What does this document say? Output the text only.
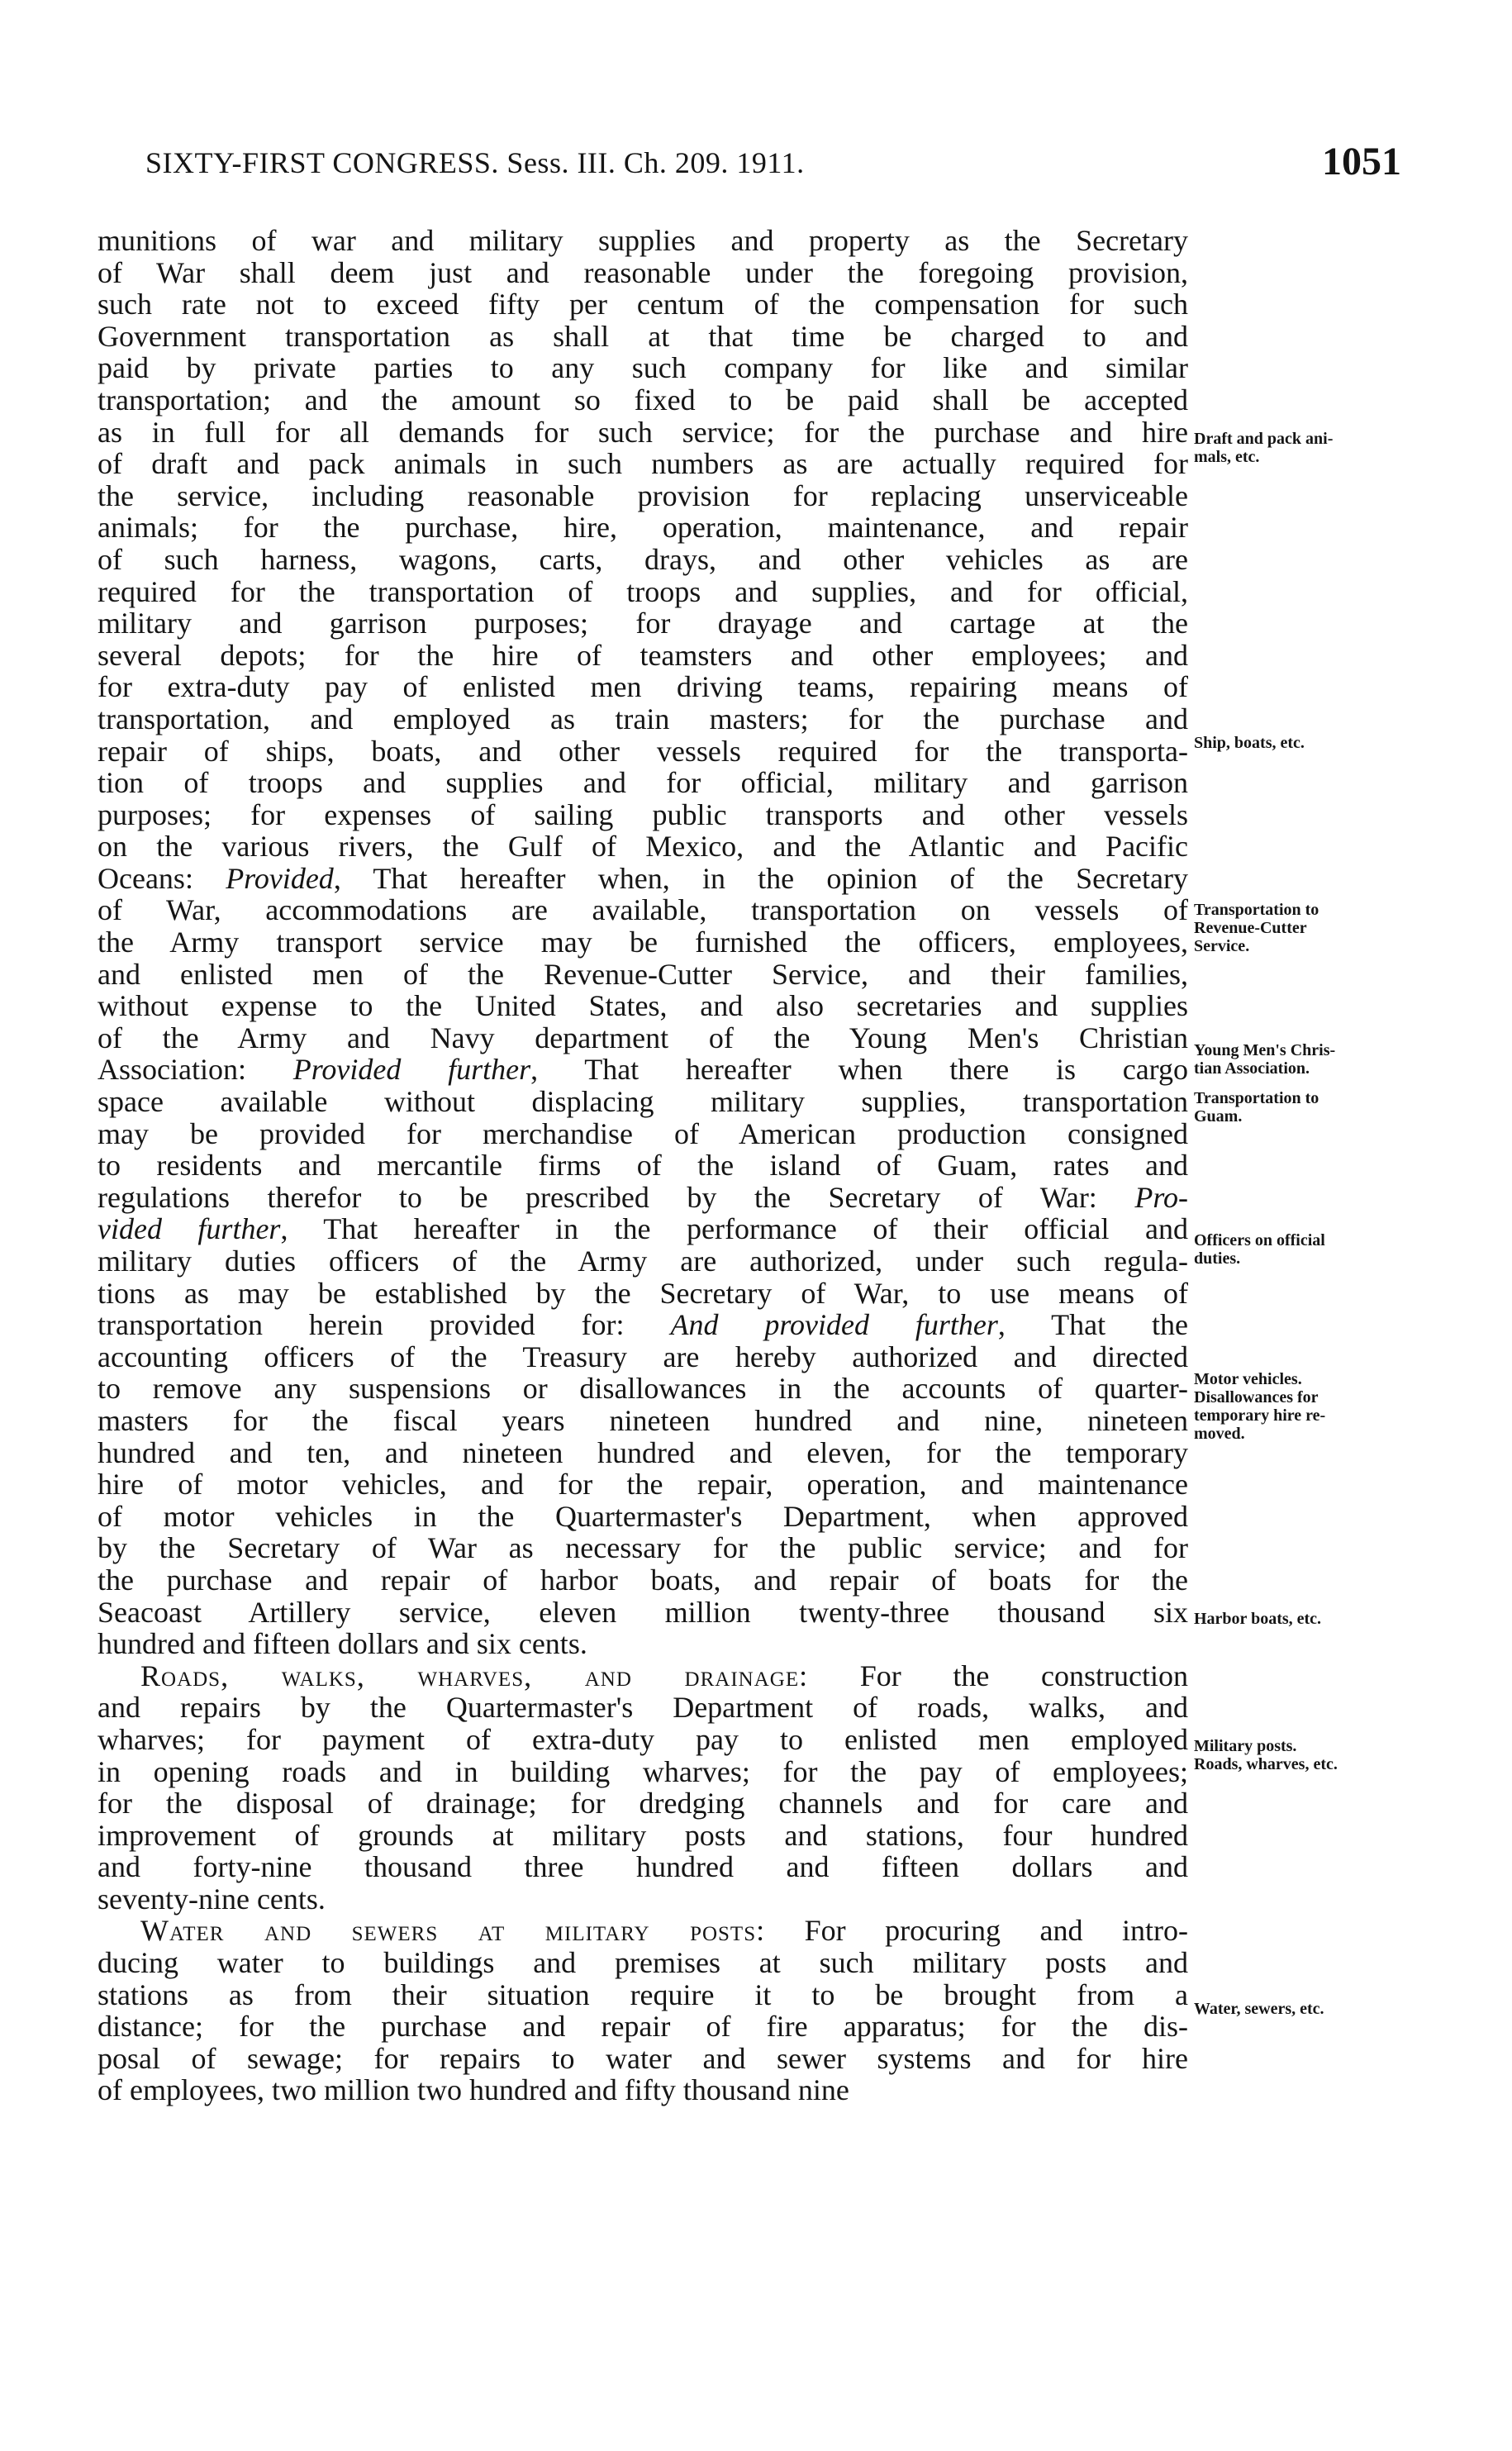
SIXTY-FIRST CONGRESS. Sess. III. Ch. 209. 1911.	1051
munitions of war and military supplies and property as the Secretary
of War shall deem just and reasonable under the foregoing provision,
such rate not to exceed fifty per centum of the compensation for such
Government transportation as shall at that time be charged to and
paid by private parties to any such company for like and similar
transportation; and the amount so fixed to be paid shall be accepted
as in full for all demands for such service; for the purchase and hire
of draft and pack animals in such numbers as are actually required for
the service, including reasonable provision for replacing unserviceable
animals; for the purchase, hire, operation, maintenance, and repair
of such harness, wagons, carts, drays, and other vehicles as are
required for the transportation of troops and supplies, and for official,
military and garrison purposes; for drayage and cartage at the
several depots; for the hire of teamsters and other employees; and
for extra-duty pay of enlisted men driving teams, repairing means of
transportation, and employed as train masters; for the purchase and
repair of ships, boats, and other vessels required for the transporta-
tion of troops and supplies and for official, military and garrison
purposes; for expenses of sailing public transports and other vessels
on the various rivers, the Gulf of Mexico, and the Atlantic and Pacific
Oceans: Provided, That hereafter when, in the opinion of the Secretary
of War, accommodations are available, transportation on vessels of
the Army transport service may be furnished the officers, employees,
and enlisted men of the Revenue-Cutter Service, and their families,
without expense to the United States, and also secretaries and supplies
of the Army and Navy department of the Young Men's Christian
Association: Provided further, That hereafter when there is cargo
space available without displacing military supplies, transportation
may be provided for merchandise of American production consigned
to residents and mercantile firms of the island of Guam, rates and
regulations therefor to be prescribed by the Secretary of War: Pro-
vided further, That hereafter in the performance of their official and
military duties officers of the Army are authorized, under such regula-
tions as may be established by the Secretary of War, to use means of
transportation herein provided for: And provided further, That the
accounting officers of the Treasury are hereby authorized and directed
to remove any suspensions or disallowances in the accounts of quarter-
masters for the fiscal years nineteen hundred and nine, nineteen
hundred and ten, and nineteen hundred and eleven, for the temporary
hire of motor vehicles, and for the repair, operation, and maintenance
of motor vehicles in the Quartermaster's Department, when approved
by the Secretary of War as necessary for the public service; and for
the purchase and repair of harbor boats, and repair of boats for the
Seacoast Artillery service, eleven million twenty-three thousand six
hundred and fifteen dollars and six cents.
Roads, walks, wharves, and drainage: For the construction
and repairs by the Quartermaster's Department of roads, walks, and
wharves; for payment of extra-duty pay to enlisted men employed
in opening roads and in building wharves; for the pay of employees;
for the disposal of drainage; for dredging channels and for care and
improvement of grounds at military posts and stations, four hundred
and forty-nine thousand three hundred and fifteen dollars and
seventy-nine cents.
Water and sewers at military posts: For procuring and intro-
ducing water to buildings and premises at such military posts and
stations as from their situation require it to be brought from a
distance; for the purchase and repair of fire apparatus; for the dis-
posal of sewage; for repairs to water and sewer systems and for hire
of employees, two million two hundred and fifty thousand nine
Draft and pack ani-
mals, etc.
Ship, boats, etc.
Transportation to
Revenue-Cutter
Service.
Young Men's Chris-
tian Association.
Transportation to
Guam.
Officers on official
duties.
Motor vehicles.
Disallowances for
temporary hire re-
moved.
Harbor boats, etc.
Military posts.
Roads, wharves, etc.
Water, sewers, etc.
